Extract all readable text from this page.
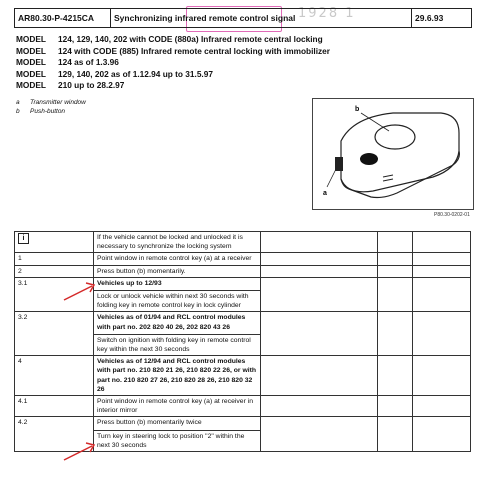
1928 1
AR80.30-P-4215CA	Synchronizing infrared remote control signal	29.6.93
MODEL	124, 129, 140, 202 with CODE (880a) Infrared remote central locking
MODEL	124 with CODE (885) Infrared remote central locking with immobilizer
MODEL	124 as of 1.3.96
MODEL	129, 140, 202 as of 1.12.94 up to 31.5.97
MODEL	210 up to 28.2.97
a Transmitter window
b Push-button	b
a
P80.30-0202-01
i	If the vehicle cannot be locked and unlocked it is necessary to synchronize the locking system			
1	Point window in remote control key (a) at a receiver			
2	Press button (b) momentarily.			
3.1	Vehicles up to 12/93
Lock or unlock vehicle within next 30 seconds with folding key in remote control key in lock cylinder			

3.2	Vehicles as of 01/94 and RCL control modules with part no. 202 820 40 26, 202 820 43 26
Switch on ignition with folding key in remote control key within the next 30 seconds			

4	Vehicles as of 12/94 and RCL control modules with part no. 210 820 21 26, 210 820 22 26, or with part no. 210 820 27 26, 210 820 28 26, 210 820 32 26			
4.1	Point window in remote control key (a) at receiver in interior mirror			
4.2	Press button (b) momentarily twice
Turn key in steering lock to position "2" within the next 30 seconds			
